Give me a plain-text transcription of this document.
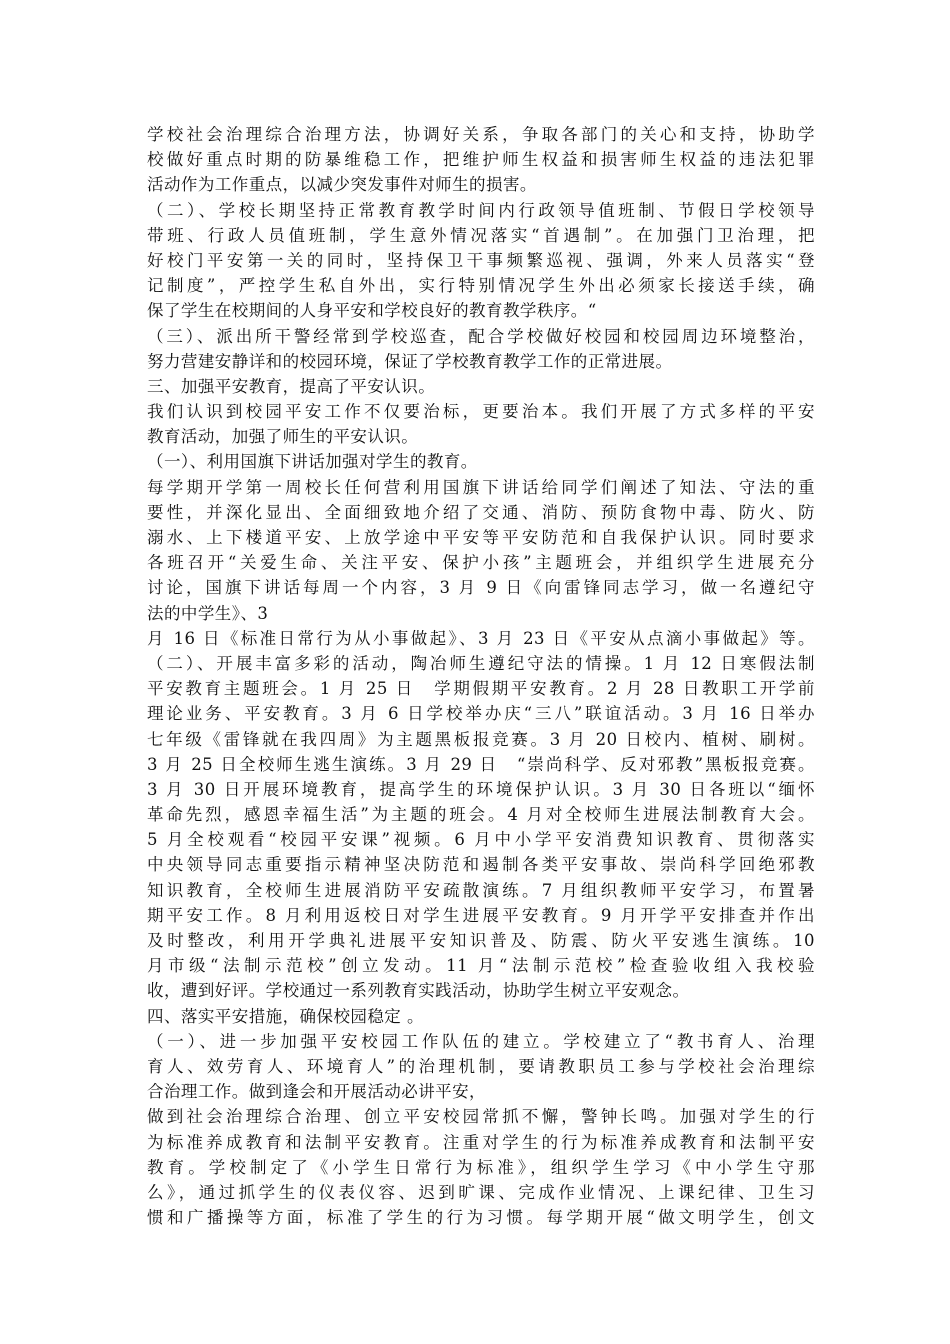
学校社会治理综合治理方法，协调好关系，争取各部门的关心和支持，协助学
校做好重点时期的防暴维稳工作，把维护师生权益和损害师生权益的违法犯罪
活动作为工作重点，以减少突发事件对师生的损害。
（二）、学校长期坚持正常教育教学时间内行政领导值班制、节假日学校领导
带班、行政人员值班制，学生意外情况落实“首遇制”。在加强门卫治理，把
好校门平安第一关的同时，坚持保卫干事频繁巡视、强调，外来人员落实“登
记制度”，严控学生私自外出，实行特别情况学生外出必须家长接送手续，确
保了学生在校期间的人身平安和学校良好的教育教学秩序。“
（三）、派出所干警经常到学校巡查，配合学校做好校园和校园周边环境整治，
努力营建安静详和的校园环境，保证了学校教育教学工作的正常进展。
三、加强平安教育，提高了平安认识。
我们认识到校园平安工作不仅要治标，更要治本。我们开展了方式多样的平安
教育活动，加强了师生的平安认识。
（一）、利用国旗下讲话加强对学生的教育。
每学期开学第一周校长任何营利用国旗下讲话给同学们阐述了知法、守法的重
要性，并深化显出、全面细致地介绍了交通、消防、预防食物中毒、防火、防
溺水、上下楼道平安、上放学途中平安等平安防范和自我保护认识。同时要求
各班召开“关爱生命、关注平安、保护小孩”主题班会，并组织学生进展充分
讨论，国旗下讲话每周一个内容，3 月 9 日《向雷锋同志学习，做一名遵纪守
法的中学生》、3
月 16 日《标准日常行为从小事做起》、3 月 23 日《平安从点滴小事做起》等。
（二）、开展丰富多彩的活动，陶冶师生遵纪守法的情操。1 月 12 日寒假法制
平安教育主题班会。1 月 25 日　学期假期平安教育。2 月 28 日教职工开学前
理论业务、平安教育。3 月 6 日学校举办庆“三八”联谊活动。3 月 16 日举办
七年级《雷锋就在我四周》为主题黑板报竞赛。3 月 20 日校内、植树、刷树。
3 月 25 日全校师生逃生演练。3 月 29 日　“崇尚科学、反对邪教”黑板报竞赛。
3 月 30 日开展环境教育，提高学生的环境保护认识。3 月 30 日各班以“缅怀
革命先烈，感恩幸福生活”为主题的班会。4 月对全校师生进展法制教育大会。
5 月全校观看“校园平安课”视频。6 月中小学平安消费知识教育、贯彻落实
中央领导同志重要指示精神坚决防范和遏制各类平安事故、崇尚科学回绝邪教
知识教育，全校师生进展消防平安疏散演练。7 月组织教师平安学习，布置暑
期平安工作。8 月利用返校日对学生进展平安教育。9 月开学平安排查并作出
及时整改，利用开学典礼进展平安知识普及、防震、防火平安逃生演练。10
月市级“法制示范校”创立发动。11 月“法制示范校”检查验收组入我校验
收，遭到好评。学校通过一系列教育实践活动，协助学生树立平安观念。
四、落实平安措施，确保校园稳定 。
（一）、进一步加强平安校园工作队伍的建立。学校建立了“教书育人、治理
育人、效劳育人、环境育人”的治理机制，要请教职员工参与学校社会治理综
合治理工作。做到逢会和开展活动必讲平安，
做到社会治理综合治理、创立平安校园常抓不懈，警钟长鸣。加强对学生的行
为标准养成教育和法制平安教育。注重对学生的行为标准养成教育和法制平安
教育。学校制定了《小学生日常行为标准》，组织学生学习《中小学生守那
么》，通过抓学生的仪表仪容、迟到旷课、完成作业情况、上课纪律、卫生习
惯和广播操等方面，标准了学生的行为习惯。每学期开展“做文明学生，创文
